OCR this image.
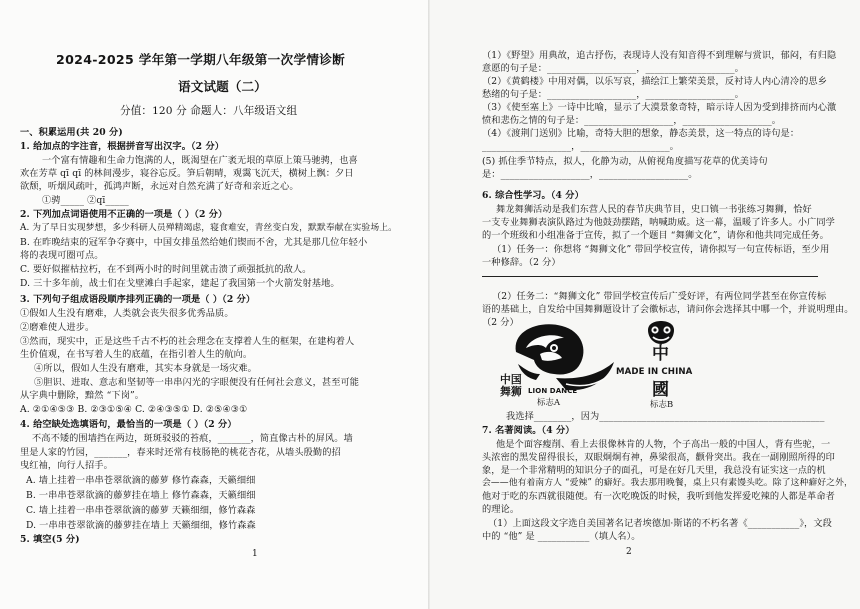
2024-2025 学年第一学期八年级第一次学情诊断
语文试题（二）
分值：120 分 命题人：八年级语文组
一、积累运用(共 20 分)
1. 给加点的字注音，根据拼音写出汉字。（2 分）
一个富有情趣和生命力饱满的人，既渴望在广袤无垠的草原上策马驰骋，也喜
欢在芳草 qī qī 的林间漫步，寝谷忘反。笋后朝晴，观霭飞沉天，横树上飘：夕日
欲颓，听烟风疏叶，孤鸿声断，永远对自然充满了好奇和亲近之心。
①骋_____ ②qī_____
2. 下列加点词语使用不正确的一项是（ ）（2 分）
A. 为了早日实现梦想，多少科研人员殚精竭虑，寝食难安，青丝变白发，默默奉献在实验场上。
B. 在昨晚结束的冠军争夺赛中，中国女排虽然给她们锲而不舍，尤其是那几位年轻小
将的表现可圈可点。
C. 要好似摧枯拉朽，在不到两小时的时间里就击溃了顽强抵抗的敌人。
D. 三十多年前，战士们在戈壁滩白手起家，建起了我国第一个火箭发射基地。
3. 下列句子组成语段顺序排列正确的一项是（ ）（2 分）
①假如人生没有磨难，人类就会丧失很多优秀品质。
②磨难使人进步。
③然而，现实中，正是这些千古不朽的社会理念在支撑着人生的框架，在建构着人
生价值观，在书写着人生的底蕴，在指引着人生的航向。
④所以，假如人生没有磨难，其实本身就是一场灾难。
⑤胆识、进取、意志和坚韧等一串串闪光的字眼便没有任何社会意义，甚至可能
从字典中删除，黯然 “下岗”。
A. ②①④⑤③ B. ②③①⑤④ C. ②④③⑤① D. ②⑤④③①
4. 给空缺处选填语句，最恰当的一项是（ ）（2 分）
不高不矮的围墙挡在两边，斑斑驳驳的苔痕，_______，简直像古朴的屏风。墙
里是人家的竹园，_______，春来时还常有枝肠艳的桃花杏花，从墙头殷勤的招
曳红袖，向行人招手。
A. 墙上挂着一串串苍翠欲滴的藤萝 修竹森森，天籁细细
B. 一串串苍翠欲滴的藤萝挂在墙上 修竹森森，天籁细细
C. 墙上挂着一串串苍翠欲滴的藤萝 天籁细细，修竹森森
D. 一串串苍翠欲滴的藤萝挂在墙上 天籁细细，修竹森森
5. 填空(5 分)
1
（1）《野望》用典故，追古抒伤，表现诗人没有知音得不到理解与赏识，郁闷，有归隐
意愿的句子是：___________________，___________________。
（2）《黄鹤楼》中用对偶，以乐写哀，描绘江上繁荣美景，反衬诗人内心清冷的思乡
愁绪的句子是：___________________，___________________。
（3）《使至塞上》一诗中比喻，显示了大漠景象奇特，暗示诗人因为受到排挤而内心激
愤和悲伤之情的句子是：___________________，___________________。
（4）《渡荆门送别》比喻，奇特大胆的想象，静态美景，这一特点的诗句是：
___________________，___________________。
(5) 抓住季节特点，拟人，化静为动，从俯视角度描写花草的优美诗句
是：___________________，___________________。
6. 综合性学习。（4 分）
舞龙舞狮活动是我们东营人民的春节庆典节目，史口镇一书张练习舞狮，恰好
一支专业舞狮表演队路过为他鼓劲摆踏，呐喊助威。这一幕，温暖了许多人。小广同学
的一个班级和小组准备于宣传，拟了一个题目 “舞狮文化”，请你和他共同完成任务。
（1）任务一：你想将 “舞狮文化” 带回学校宣传，请你拟写一句宣传标语，至少用
一种修辞。（2 分）
（2）任务二：“舞狮文化” 带回学校宣传后广受好评，有两位同学甚至在你宣传标
语的基础上，自发给中国舞狮题设计了会徽标志，请问你会选择其中哪一个，并说明理由。
（2 分）
中国
舞狮 LION DANCE
标志A
中
MADE IN CHINA
國
标志B
我选择________，因为________________________________________________
7. 名著阅读。（4 分）
他是个面容瘦削、看上去很像林肯的人物，个子高出一般的中国人，背有些驼，一
头浓密的黑发留得很长，双眼炯炯有神，鼻梁很高，颧骨突出。我在一副刚照所得的印
象，是一个非常精明的知识分子的面孔，可是在好几天里，我总没有证实这一点的机
会——他有着南方人 “爱辣” 的癖好。我去那用晚餐，桌上只有素馒头吃。除了这种癖好之外，
他对于吃的东西就很随便。有一次吃晚饭的时候，我听到他发挥爱吃辣的人都是革命者
的理论。
（1）上面这段文字选自美国著名记者埃德加·斯诺的不朽名著《___________》，文段
中的 “他” 是 ___________（填人名）。
2
